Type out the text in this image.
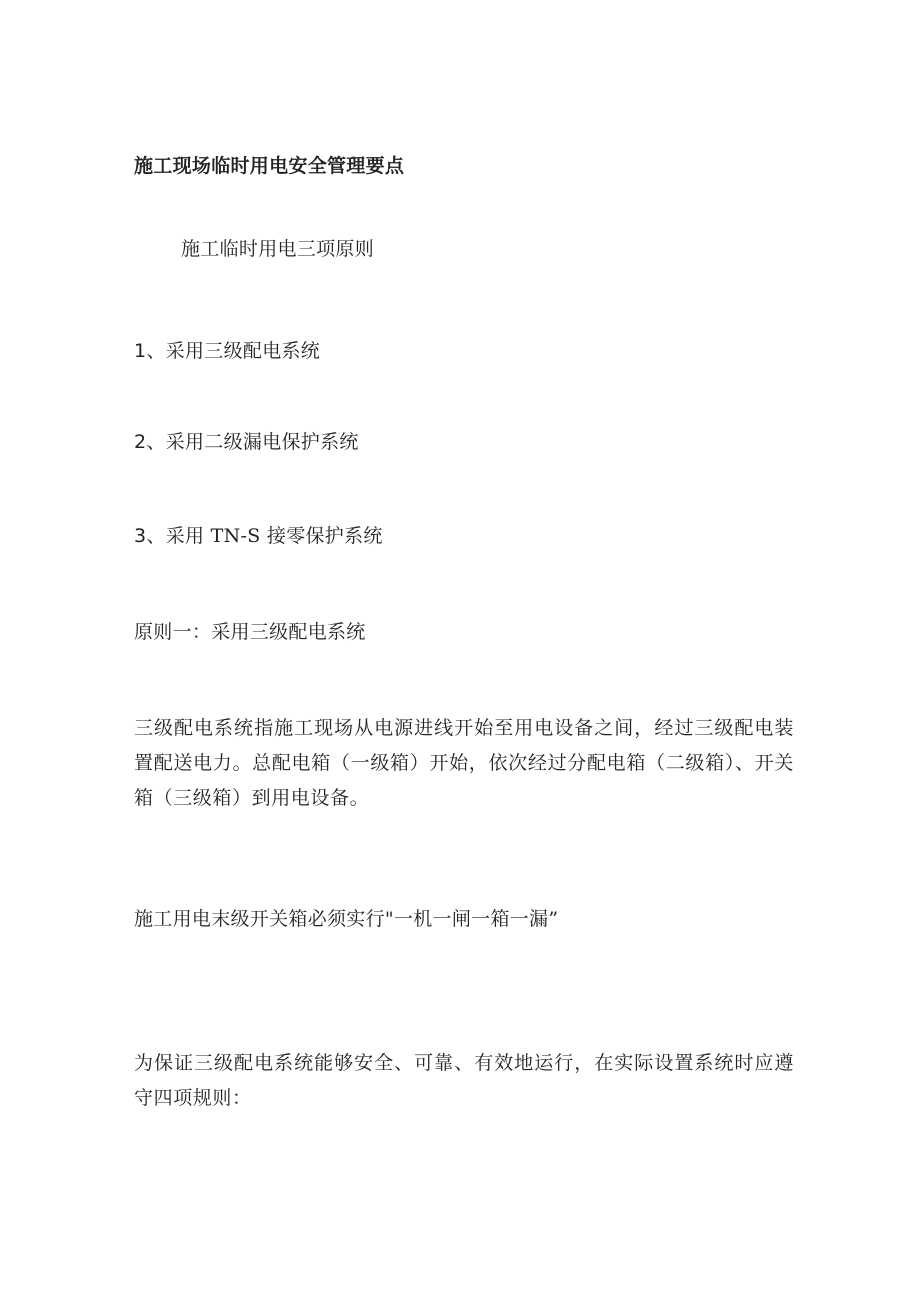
施工现场临时用电安全管理要点
施工临时用电三项原则
1、采用三级配电系统
2、采用二级漏电保护系统
3、采用 TN-S 接零保护系统
原则一：采用三级配电系统
三级配电系统指施工现场从电源进线开始至用电设备之间，经过三级配电装置配送电力。总配电箱（一级箱）开始，依次经过分配电箱（二级箱）、开关箱（三级箱）到用电设备。
施工用电末级开关箱必须实行"一机一闸一箱一漏”
为保证三级配电系统能够安全、可靠、有效地运行，在实际设置系统时应遵守四项规则：
